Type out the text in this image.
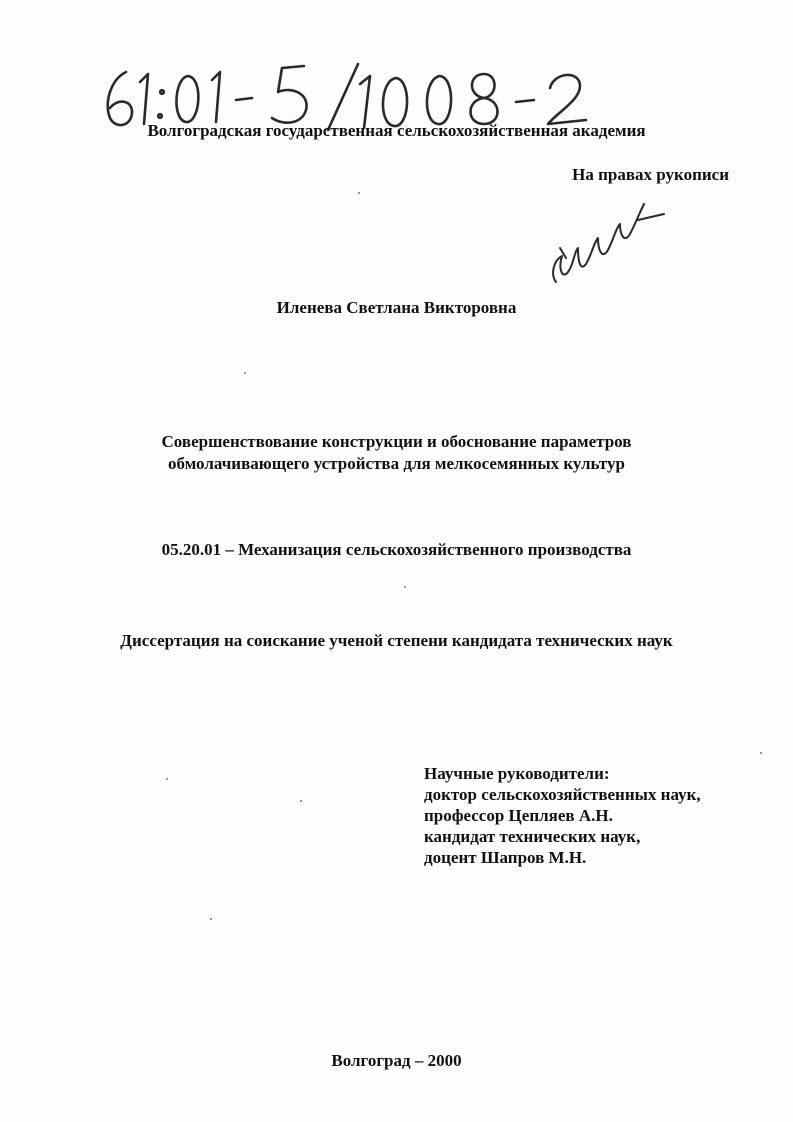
Волгоградская государственная сельскохозяйственная академия
На правах рукописи
Иленева Светлана Викторовна
Совершенствование конструкции и обоснование параметров
обмолачивающего устройства для мелкосемянных культур
05.20.01 – Механизация сельскохозяйственного производства
Диссертация на соискание ученой степени кандидата технических наук
Научные руководители:
доктор сельскохозяйственных наук,
профессор Цепляев А.Н.
кандидат технических наук,
доцент Шапров М.Н.
Волгоград – 2000
